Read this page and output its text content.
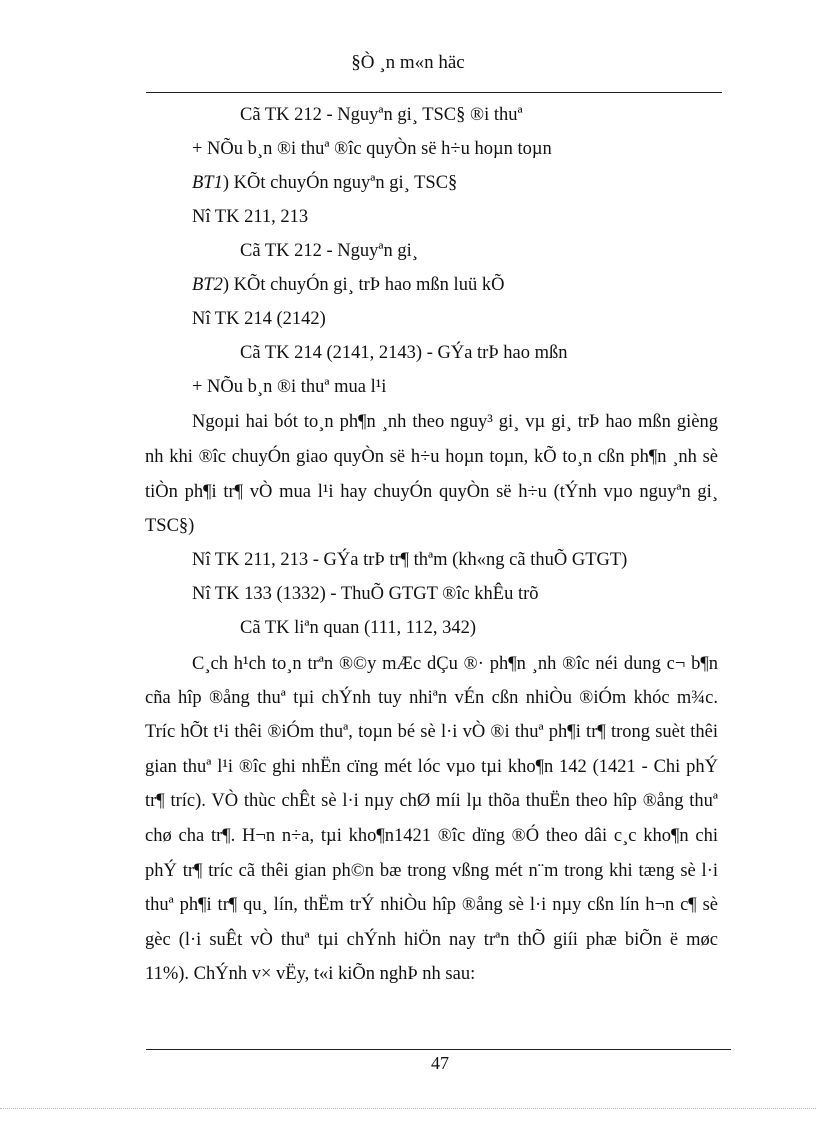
§Ò ¸n m«n häc
Cã TK 212 - Nguyªn gi¸ TSC§ ®i thuª
+ NÕu b¸n ®i thuª ®îc quyÒn së h÷u hoµn toµn
BT1) KÕt chuyÓn nguyªn gi¸ TSC§
Nî TK 211, 213
Cã TK 212 - Nguyªn gi¸
BT2) KÕt chuyÓn gi¸ trÞ hao mßn luü kÕ
Nî TK 214 (2142)
Cã TK 214 (2141, 2143) - GÝa trÞ hao mßn
+ NÕu b¸n ®i thuª mua l¹i
Ngoµi hai bót to¸n ph¶n ¸nh theo nguy³ gi¸ vµ gi¸ trÞ hao mßn gièng
nh khi ®îc chuyÓn giao quyÒn së h÷u hoµn toµn, kÕ to¸n cßn ph¶n ¸nh sè
tiÒn ph¶i tr¶ vÒ mua l¹i hay chuyÓn quyÒn së h÷u (tÝnh vµo nguyªn gi¸
TSC§)
Nî TK 211, 213 - GÝa trÞ tr¶ thªm (kh«ng cã thuÕ GTGT)
Nî TK 133 (1332) - ThuÕ GTGT ®îc khÊu trõ
Cã TK liªn quan (111, 112, 342)
C¸ch h¹ch to¸n trªn ®©y mÆc dÇu ®· ph¶n ¸nh ®îc néi dung c¬ b¶n
cña hîp ®ång thuª tµi chÝnh tuy nhiªn vÉn cßn nhiÒu ®iÓm khóc m¾c.
Tríc hÕt t¹i thêi ®iÓm thuª, toµn bé sè l·i vÒ ®i thuª ph¶i tr¶ trong suèt thêi
gian thuª l¹i ®îc ghi nhËn cïng mét lóc vµo tµi kho¶n 142 (1421 - Chi phÝ
tr¶ tríc). VÒ thùc chÊt sè l·i nµy chØ míi lµ thõa thuËn theo hîp ®ång thuª
chø cha tr¶. H¬n n÷a, tµi kho¶n1421 ®îc dïng ®Ó theo dâi c¸c kho¶n chi
phÝ tr¶ tríc cã thêi gian ph©n bæ trong vßng mét n¨m trong khi tæng sè l·i
thuª ph¶i tr¶ qu¸ lín, thËm trÝ nhiÒu hîp ®ång sè l·i nµy cßn lín h¬n c¶ sè
gèc (l·i suÊt vÒ thuª tµi chÝnh hiÖn nay trªn thÕ giíi phæ biÕn ë møc
11%). ChÝnh v× vËy, t«i kiÕn nghÞ nh sau:
47
